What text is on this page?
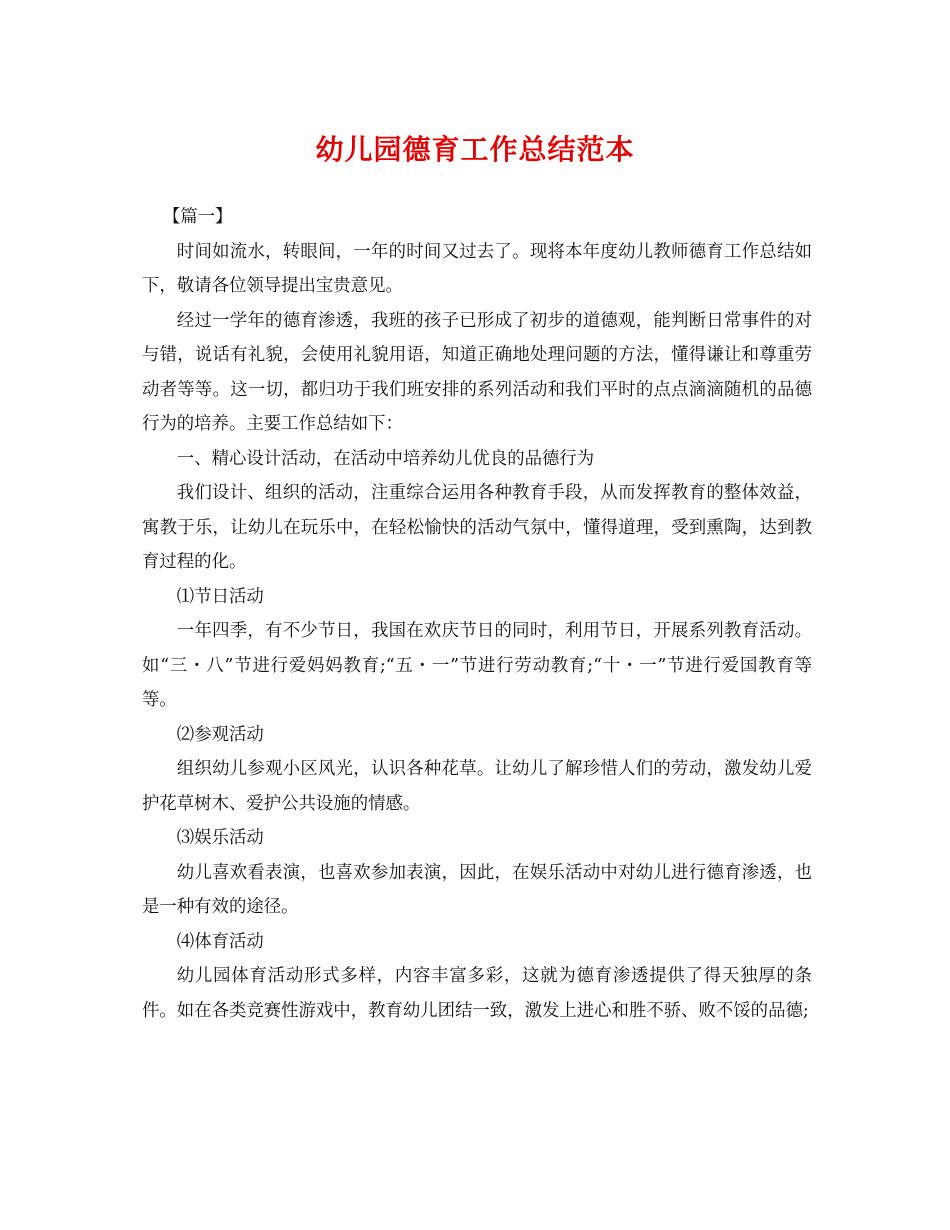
幼儿园德育工作总结范本

【篇一】

时间如流水，转眼间，一年的时间又过去了。现将本年度幼儿教师德育工作总结如下，敬请各位领导提出宝贵意见。

经过一学年的德育渗透，我班的孩子已形成了初步的道德观，能判断日常事件的对与错，说话有礼貌，会使用礼貌用语，知道正确地处理问题的方法，懂得谦让和尊重劳动者等等。这一切，都归功于我们班安排的系列活动和我们平时的点点滴滴随机的品德行为的培养。主要工作总结如下：

一、精心设计活动，在活动中培养幼儿优良的品德行为

我们设计、组织的活动，注重综合运用各种教育手段，从而发挥教育的整体效益，寓教于乐，让幼儿在玩乐中，在轻松愉快的活动气氛中，懂得道理，受到熏陶，达到教育过程的化。

⑴节日活动

一年四季，有不少节日，我国在欢庆节日的同时，利用节日，开展系列教育活动。如“三・八”节进行爱妈妈教育;“五・一”节进行劳动教育;“十・一”节进行爱国教育等等。

⑵参观活动

组织幼儿参观小区风光，认识各种花草。让幼儿了解珍惜人们的劳动，激发幼儿爱护花草树木、爱护公共设施的情感。

⑶娱乐活动

幼儿喜欢看表演，也喜欢参加表演，因此，在娱乐活动中对幼儿进行德育渗透，也是一种有效的途径。

⑷体育活动

幼儿园体育活动形式多样，内容丰富多彩，这就为德育渗透提供了得天独厚的条件。如在各类竞赛性游戏中，教育幼儿团结一致，激发上进心和胜不骄、败不馁的品德;
